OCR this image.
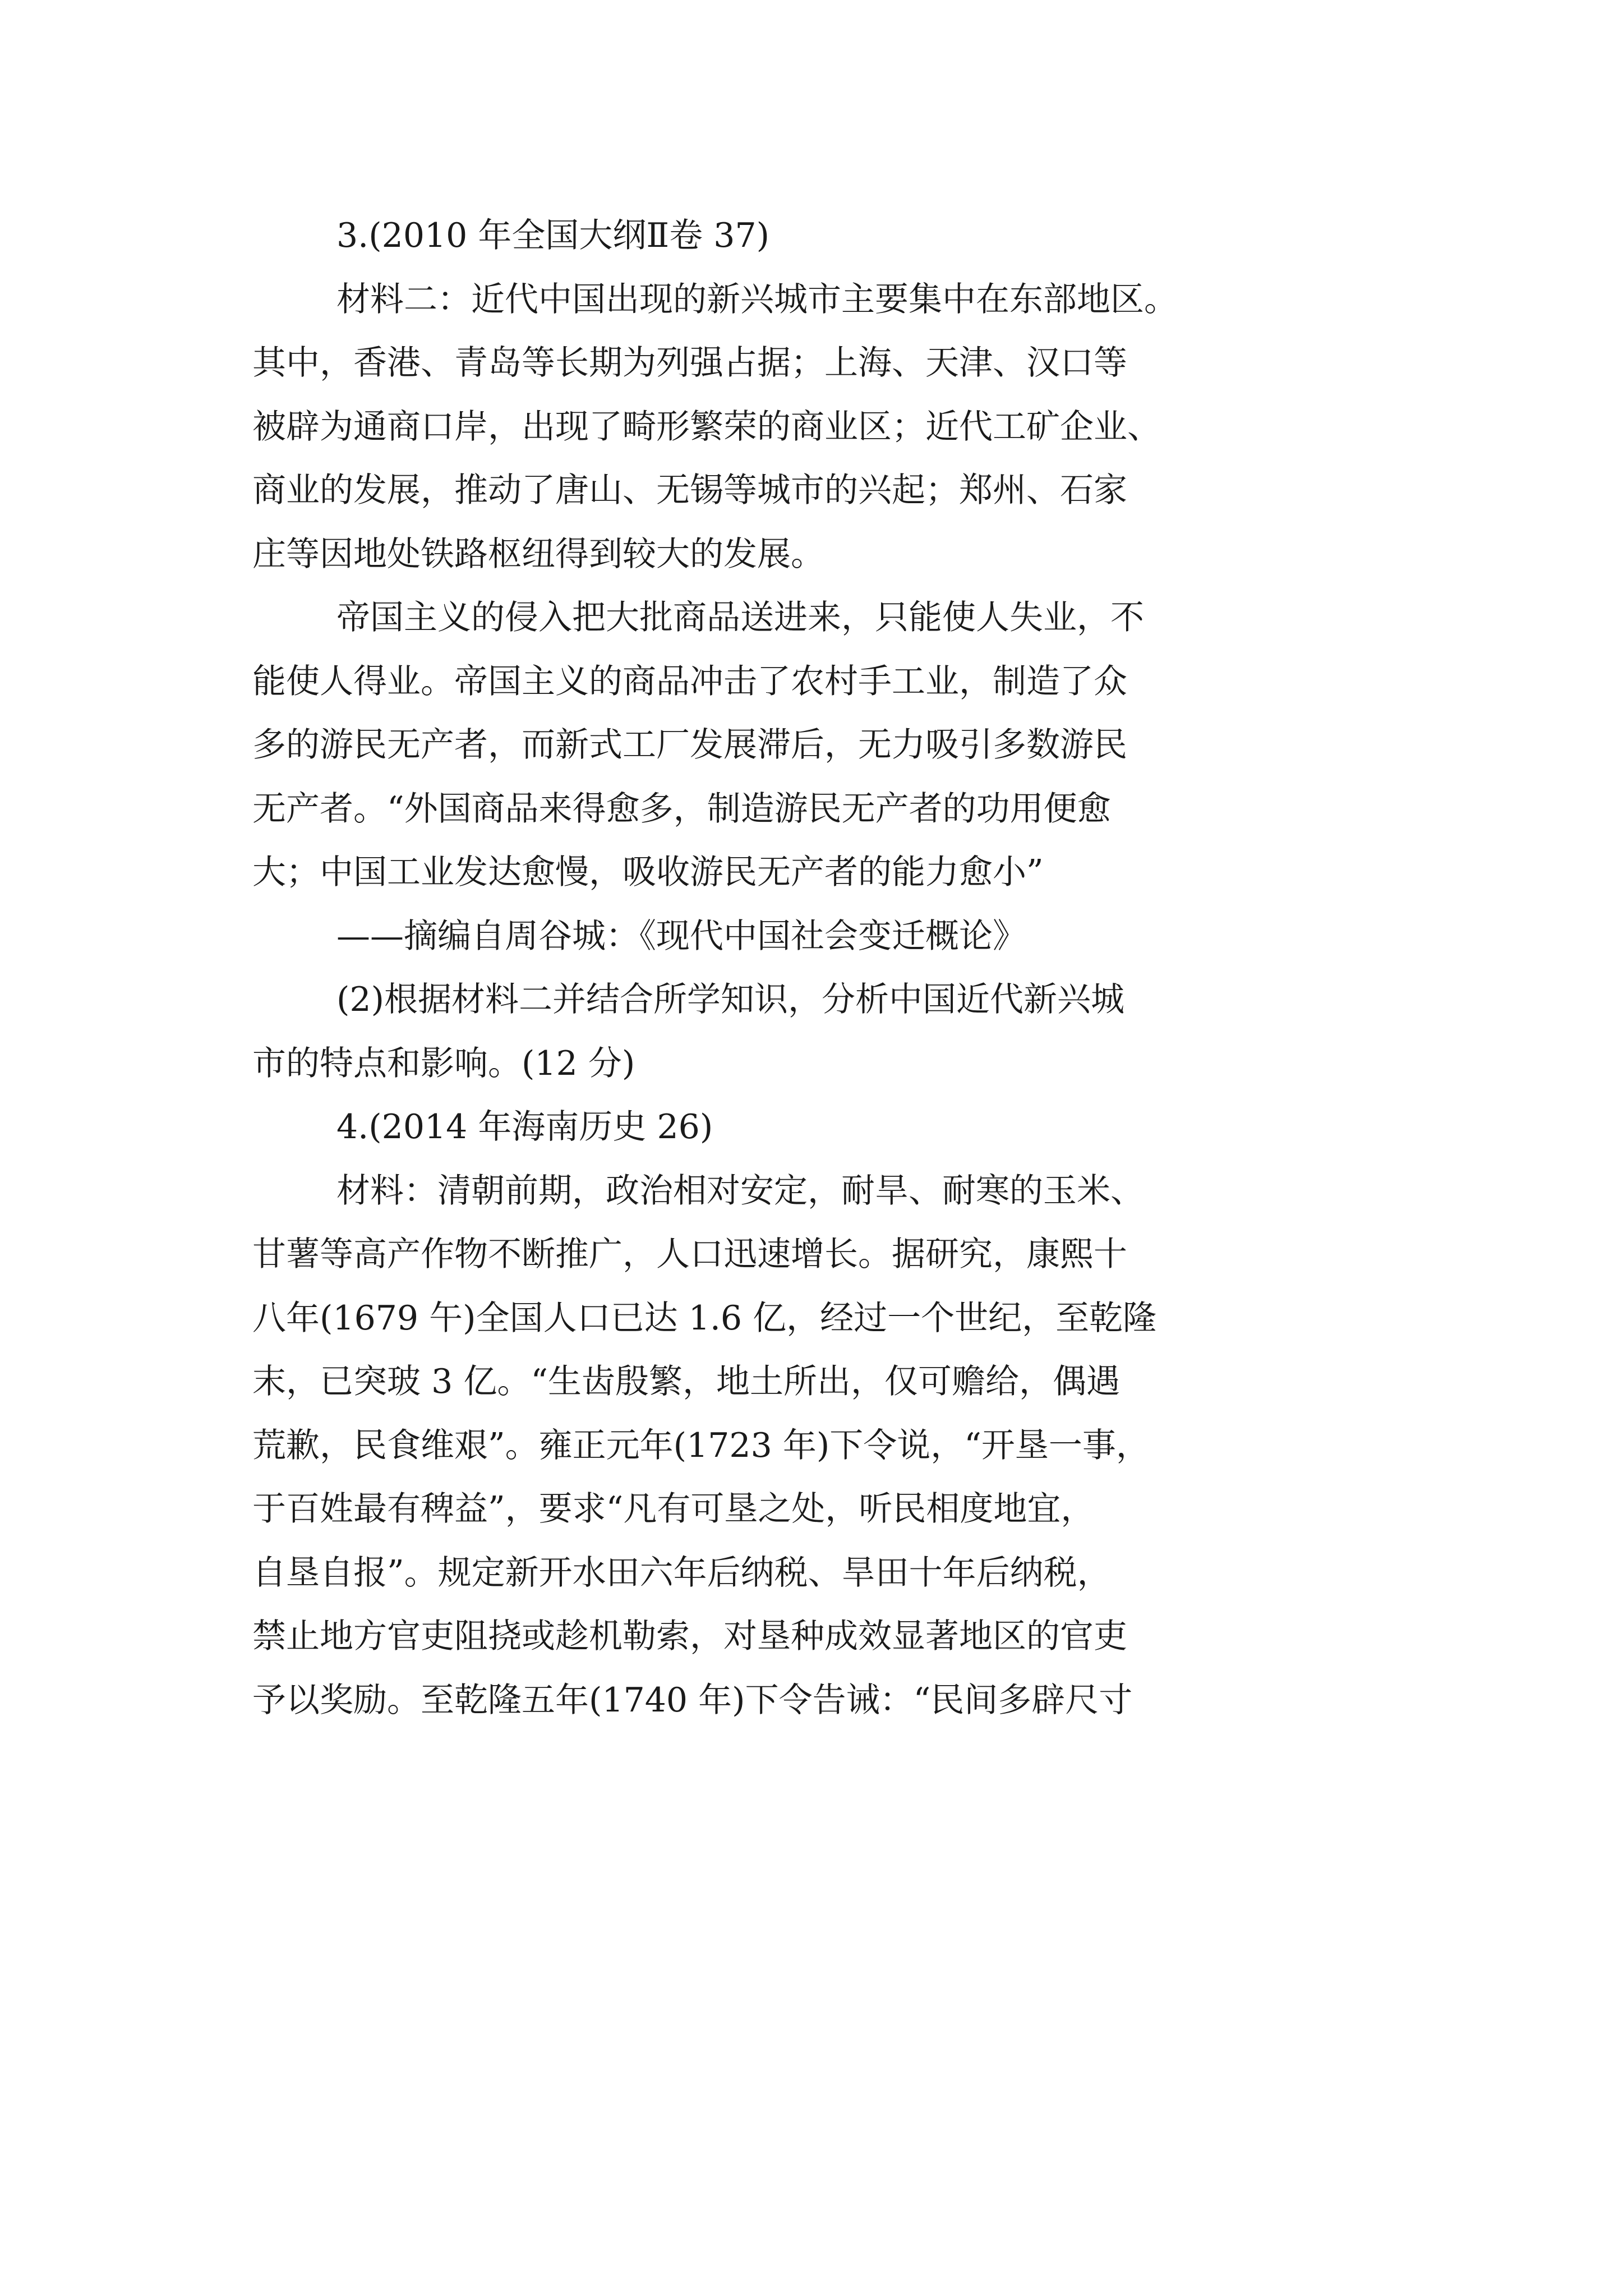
3.(2010 年全国大纲Ⅱ卷 37)
材料二：近代中国出现的新兴城市主要集中在东部地区。
其中，香港、青岛等长期为列强占据；上海、天津、汉口等
被辟为通商口岸，出现了畸形繁荣的商业区；近代工矿企业、
商业的发展，推动了唐山、无锡等城市的兴起；郑州、石家
庄等因地处铁路枢纽得到较大的发展。
帝国主义的侵入把大批商品送进来，只能使人失业，不
能使人得业。帝国主义的商品冲击了农村手工业，制造了众
多的游民无产者，而新式工厂发展滞后，无力吸引多数游民
无产者。“外国商品来得愈多，制造游民无产者的功用便愈
大；中国工业发达愈慢，吸收游民无产者的能力愈小”
——摘编自周谷城：《现代中国社会变迁概论》
(2)根据材料二并结合所学知识，分析中国近代新兴城
市的特点和影响。(12 分)
4.(2014 年海南历史 26)
材料：清朝前期，政治相对安定，耐旱、耐寒的玉米、
甘薯等高产作物不断推广，人口迅速增长。据研究，康熙十
八年(1679 午)全国人口已达 1.6 亿，经过一个世纪，至乾隆
末，已突玻 3 亿。“生齿殷繁，地土所出，仅可赡给，偶遇
荒歉，民食维艰”。雍正元年(1723 年)下令说，“开垦一事，
于百姓最有稗益”，要求“凡有可垦之处，听民相度地宜，
自垦自报”。规定新开水田六年后纳税、旱田十年后纳税，
禁止地方官吏阻挠或趁机勒索，对垦种成效显著地区的官吏
予以奖励。至乾隆五年(1740 年)下令告诫：“民间多辟尺寸
